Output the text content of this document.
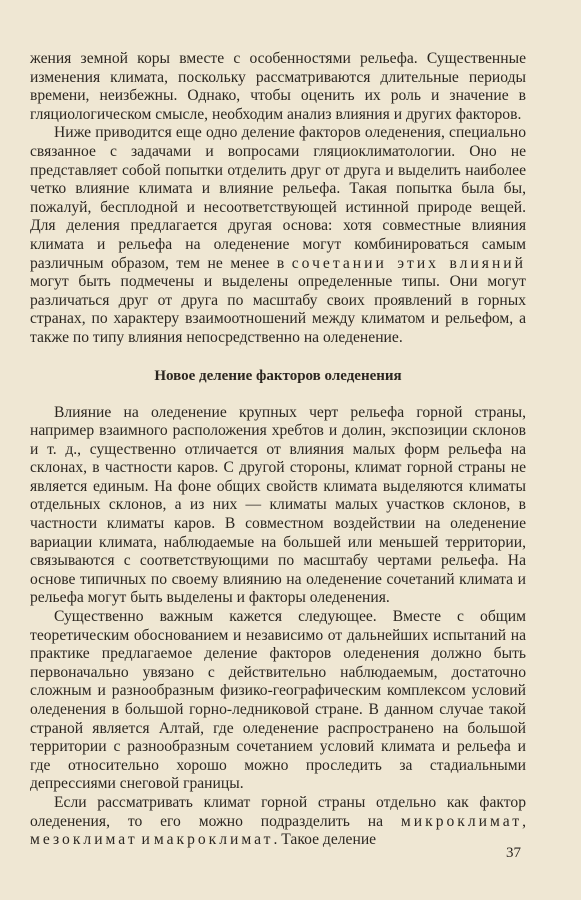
жения земной коры вместе с особенностями рельефа. Существенные изменения климата, поскольку рассматриваются длительные периоды времени, неизбежны. Однако, чтобы оценить их роль и значение в гляциологическом смысле, необходим анализ влияния и других факторов.

Ниже приводится еще одно деление факторов оледенения, специально связанное с задачами и вопросами гляциоклиматологии. Оно не представляет собой попытки отделить друг от друга и выделить наиболее четко влияние климата и влияние рельефа. Такая попытка была бы, пожалуй, бесплодной и несоответствующей истинной природе вещей. Для деления предлагается другая основа: хотя совместные влияния климата и рельефа на оледенение могут комбинироваться самым различным образом, тем не менее в сочетании этих влияний могут быть подмечены и выделены определенные типы. Они могут различаться друг от друга по масштабу своих проявлений в горных странах, по характеру взаимоотношений между климатом и рельефом, а также по типу влияния непосредственно на оледенение.

Новое деление факторов оледенения

Влияние на оледенение крупных черт рельефа горной страны, например взаимного расположения хребтов и долин, экспозиции склонов и т. д., существенно отличается от влияния малых форм рельефа на склонах, в частности каров. С другой стороны, климат горной страны не является единым. На фоне общих свойств климата выделяются климаты отдельных склонов, а из них — климаты малых участков склонов, в частности климаты каров. В совместном воздействии на оледенение вариации климата, наблюдаемые на большей или меньшей территории, связываются с соответствующими по масштабу чертами рельефа. На основе типичных по своему влиянию на оледенение сочетаний климата и рельефа могут быть выделены и факторы оледенения.

Существенно важным кажется следующее. Вместе с общим теоретическим обоснованием и независимо от дальнейших испытаний на практике предлагаемое деление факторов оледенения должно быть первоначально увязано с действительно наблюдаемым, достаточно сложным и разнообразным физико-географическим комплексом условий оледенения в большой горно-ледниковой стране. В данном случае такой страной является Алтай, где оледенение распространено на большой территории с разнообразным сочетанием условий климата и рельефа и где относительно хорошо можно проследить за стадиальными депрессиями снеговой границы.

Если рассматривать климат горной страны отдельно как фактор оледенения, то его можно подразделить на микроклимат, мезоклимат и макроклимат. Такое деление

37
